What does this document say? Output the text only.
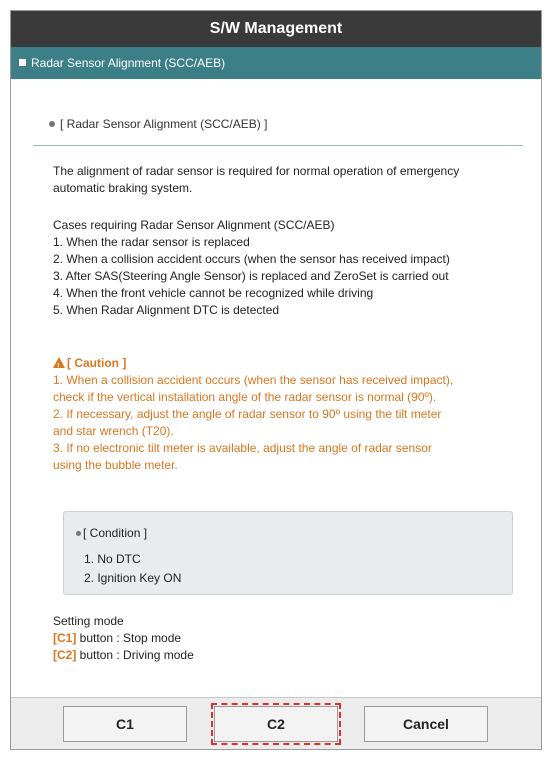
S/W Management
Radar Sensor Alignment (SCC/AEB)
[ Radar Sensor Alignment (SCC/AEB) ]
The alignment of radar sensor is required for normal operation of emergency
automatic braking system.
Cases requiring Radar Sensor Alignment (SCC/AEB)
1. When the radar sensor is replaced
2. When a collision accident occurs (when the sensor has received impact)
3. After SAS(Steering Angle Sensor) is replaced and ZeroSet is carried out
4. When the front vehicle cannot be recognized while driving
5. When Radar Alignment DTC is detected
! [ Caution ]
1. When a collision accident occurs (when the sensor has received impact),
check if the vertical installation angle of the radar sensor is normal (90º).
2. If necessary, adjust the angle of radar sensor to 90º using the tilt meter
and star wrench (T20).
3. If no electronic tilt meter is available, adjust the angle of radar sensor
using the bubble meter.
[ Condition ]
1. No DTC
2. Ignition Key ON
Setting mode
[C1] button : Stop mode
[C2] button : Driving mode
C1	C2	Cancel
